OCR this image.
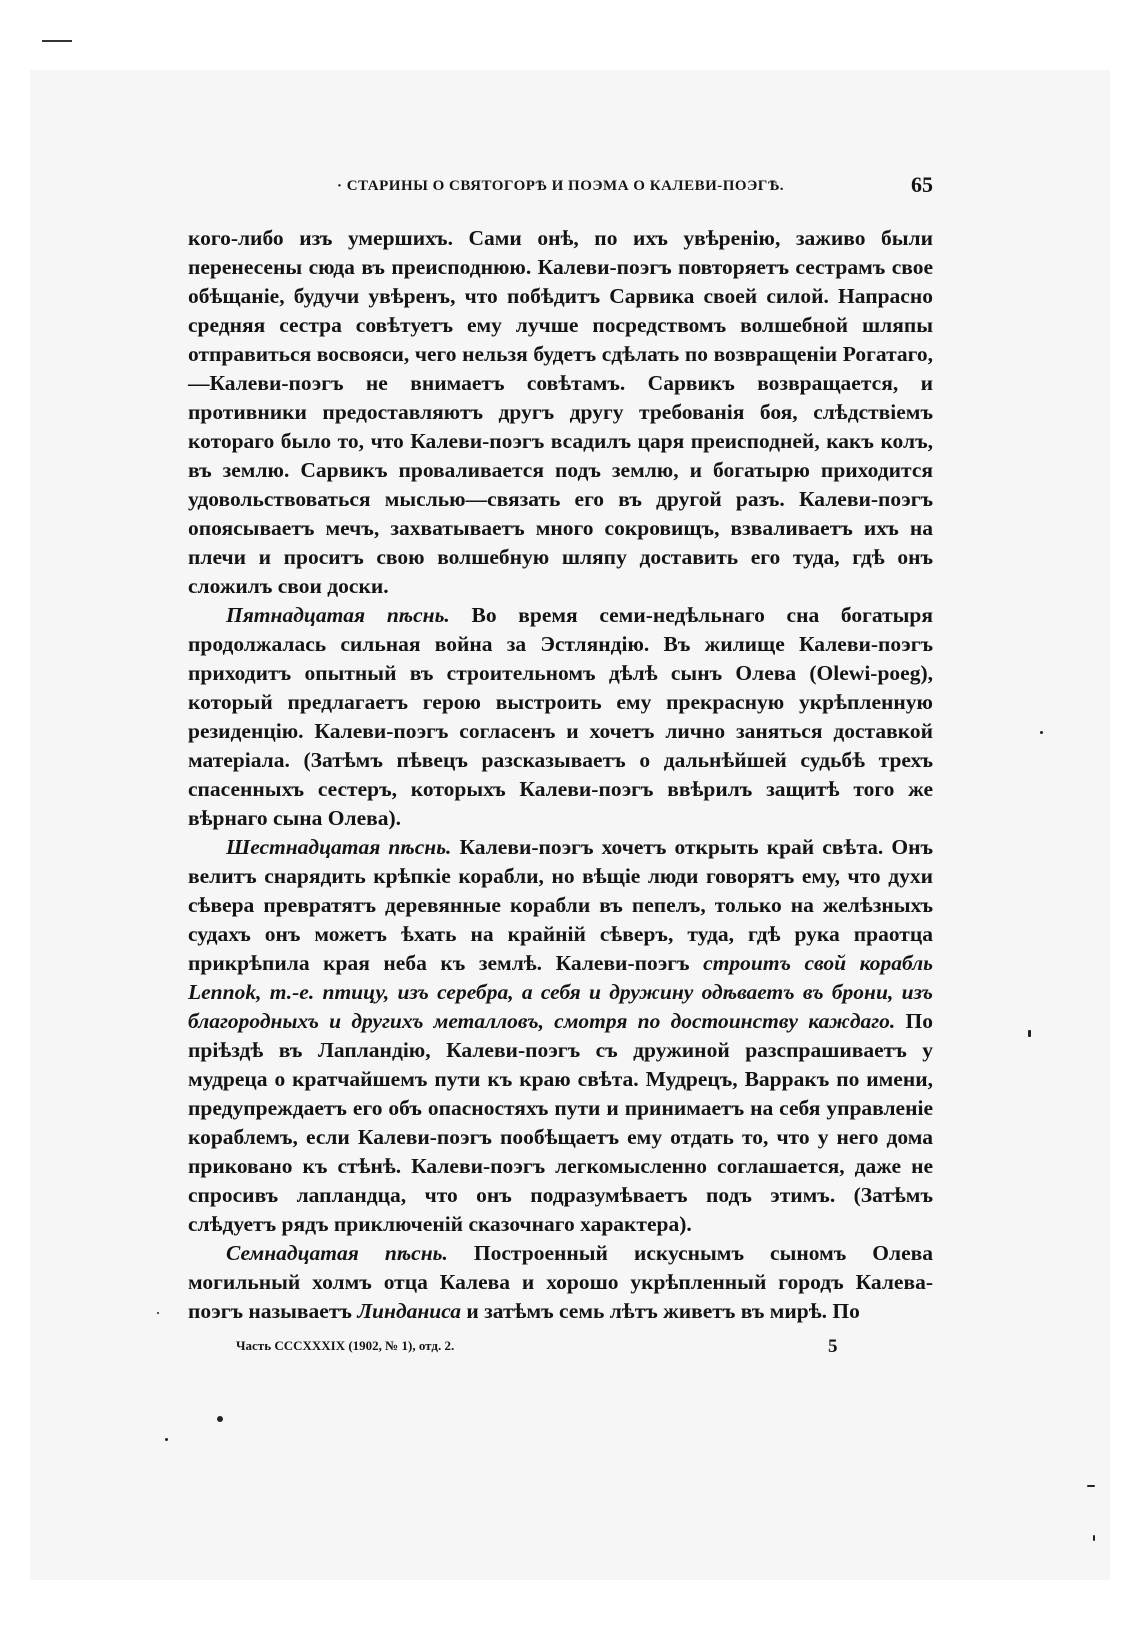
· СТАРИНЫ О СВЯТОГОРѢ И ПОЭМА О КАЛЕВИ-ПОЭГѢ.	65

кого-либо изъ умершихъ. Сами онѣ, по ихъ увѣренію, заживо были перенесены сюда въ преисподнюю. Калеви-поэгъ повторяетъ сестрамъ свое обѣщаніе, будучи увѣренъ, что побѣдитъ Сарвика своей силой. Напрасно средняя сестра совѣтуетъ ему лучше посредствомъ волшебной шляпы отправиться восвояси, чего нельзя будетъ сдѣлать по возвращеніи Рогатаго,—Калеви-поэгъ не внимаетъ совѣтамъ. Сарвикъ возвращается, и противники предоставляютъ другъ другу требованія боя, слѣдствіемъ котораго было то, что Калеви-поэгъ всадилъ царя преисподней, какъ колъ, въ землю. Сарвикъ проваливается подъ землю, и богатырю приходится удовольствоваться мыслью—связать его въ другой разъ. Калеви-поэгъ опоясываетъ мечъ, захватываетъ много сокровищъ, взваливаетъ ихъ на плечи и проситъ свою волшебную шляпу доставить его туда, гдѣ онъ сложилъ свои доски.

Пятнадцатая пѣснь. Во время семи-недѣльнаго сна богатыря продолжалась сильная война за Эстляндію. Въ жилище Калеви-поэгъ приходитъ опытный въ строительномъ дѣлѣ сынъ Олева (Olewi-poeg), который предлагаетъ герою выстроить ему прекрасную укрѣпленную резиденцію. Калеви-поэгъ согласенъ и хочетъ лично заняться доставкой матеріала. (Затѣмъ пѣвецъ разсказываетъ о дальнѣйшей судьбѣ трехъ спасенныхъ сестеръ, которыхъ Калеви-поэгъ ввѣрилъ защитѣ того же вѣрнаго сына Олева).

Шестнадцатая пѣснь. Калеви-поэгъ хочетъ открыть край свѣта. Онъ велитъ снарядить крѣпкіе корабли, но вѣщіе люди говорятъ ему, что духи сѣвера превратятъ деревянные корабли въ пепелъ, только на желѣзныхъ судахъ онъ можетъ ѣхать на крайній сѣверъ, туда, гдѣ рука праотца прикрѣпила края неба къ землѣ. Калеви-поэгъ строитъ свой корабль Lennok, т.-е. птицу, изъ серебра, а себя и дружину одѣваетъ въ брони, изъ благородныхъ и другихъ металловъ, смотря по достоинству каждаго. По пріѣздѣ въ Лапландію, Калеви-поэгъ съ дружиной разспрашиваетъ у мудреца о кратчайшемъ пути къ краю свѣта. Мудрецъ, Варракъ по имени, предупреждаетъ его объ опасностяхъ пути и принимаетъ на себя управленіе кораблемъ, если Калеви-поэгъ пообѣщаетъ ему отдать то, что у него дома приковано къ стѣнѣ. Калеви-поэгъ легкомысленно соглашается, даже не спросивъ лапландца, что онъ подразумѣваетъ подъ этимъ. (Затѣмъ слѣдуетъ рядъ приключеній сказочнаго характера).

Семнадцатая пѣснь. Построенный искуснымъ сыномъ Олева могильный холмъ отца Калева и хорошо укрѣпленный городъ Калева-поэгъ называетъ Линданиса и затѣмъ семь лѣтъ живетъ въ мирѣ. По

Часть CCCXXXIX (1902, № 1), отд. 2.	5
